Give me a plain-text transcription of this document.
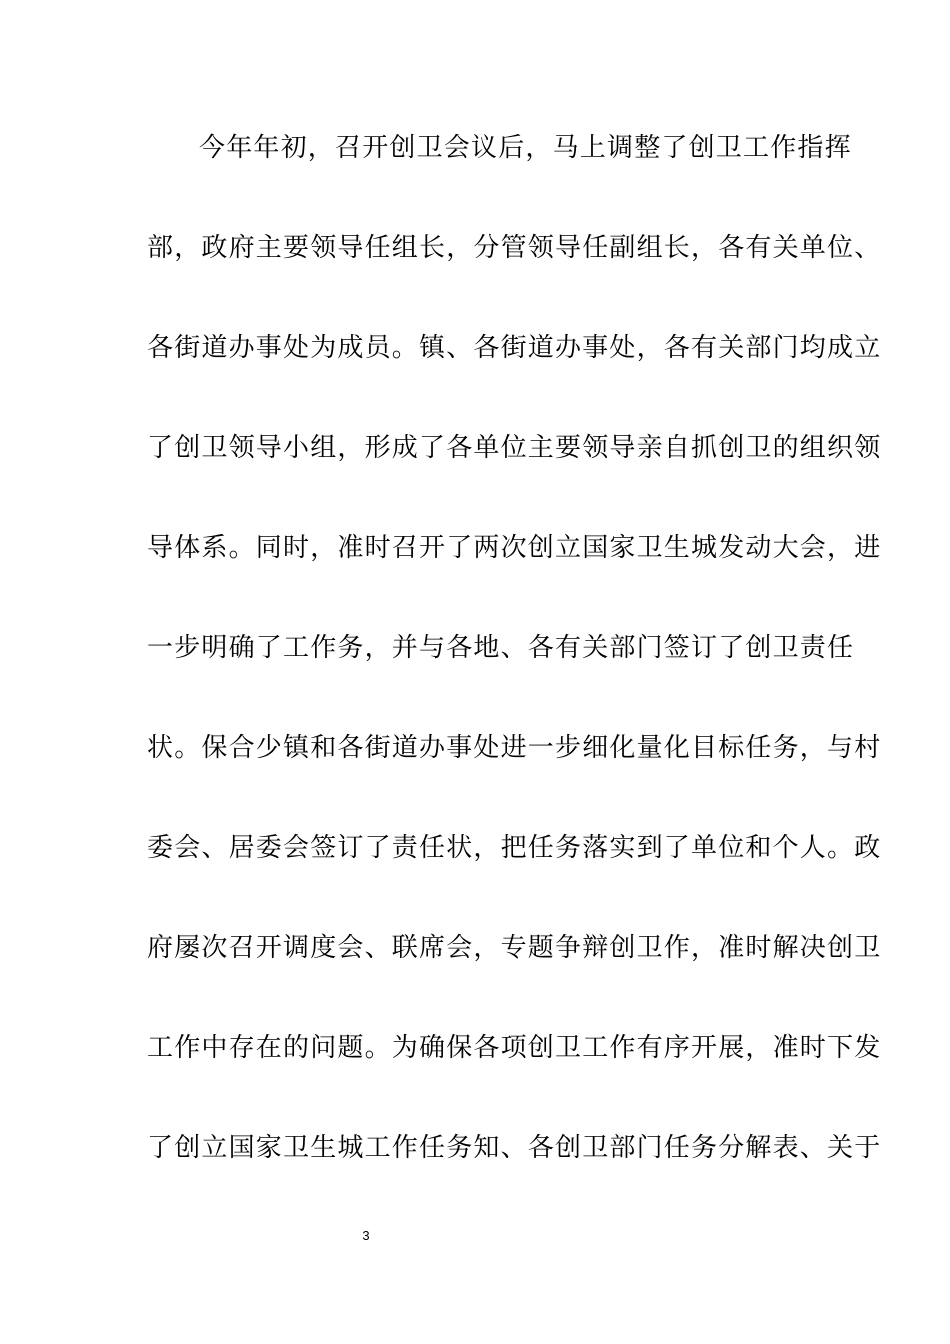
今年年初，召开创卫会议后，马上调整了创卫工作指挥
部，政府主要领导任组长，分管领导任副组长，各有关单位、
各街道办事处为成员。镇、各街道办事处，各有关部门均成立
了创卫领导小组，形成了各单位主要领导亲自抓创卫的组织领
导体系。同时，准时召开了两次创立国家卫生城发动大会，进
一步明确了工作务，并与各地、各有关部门签订了创卫责任
状。保合少镇和各街道办事处进一步细化量化目标任务，与村
委会、居委会签订了责任状，把任务落实到了单位和个人。政
府屡次召开调度会、联席会，专题争辩创卫作，准时解决创卫
工作中存在的问题。为确保各项创卫工作有序开展，准时下发
了创立国家卫生城工作任务知、各创卫部门任务分解表、关于
3
